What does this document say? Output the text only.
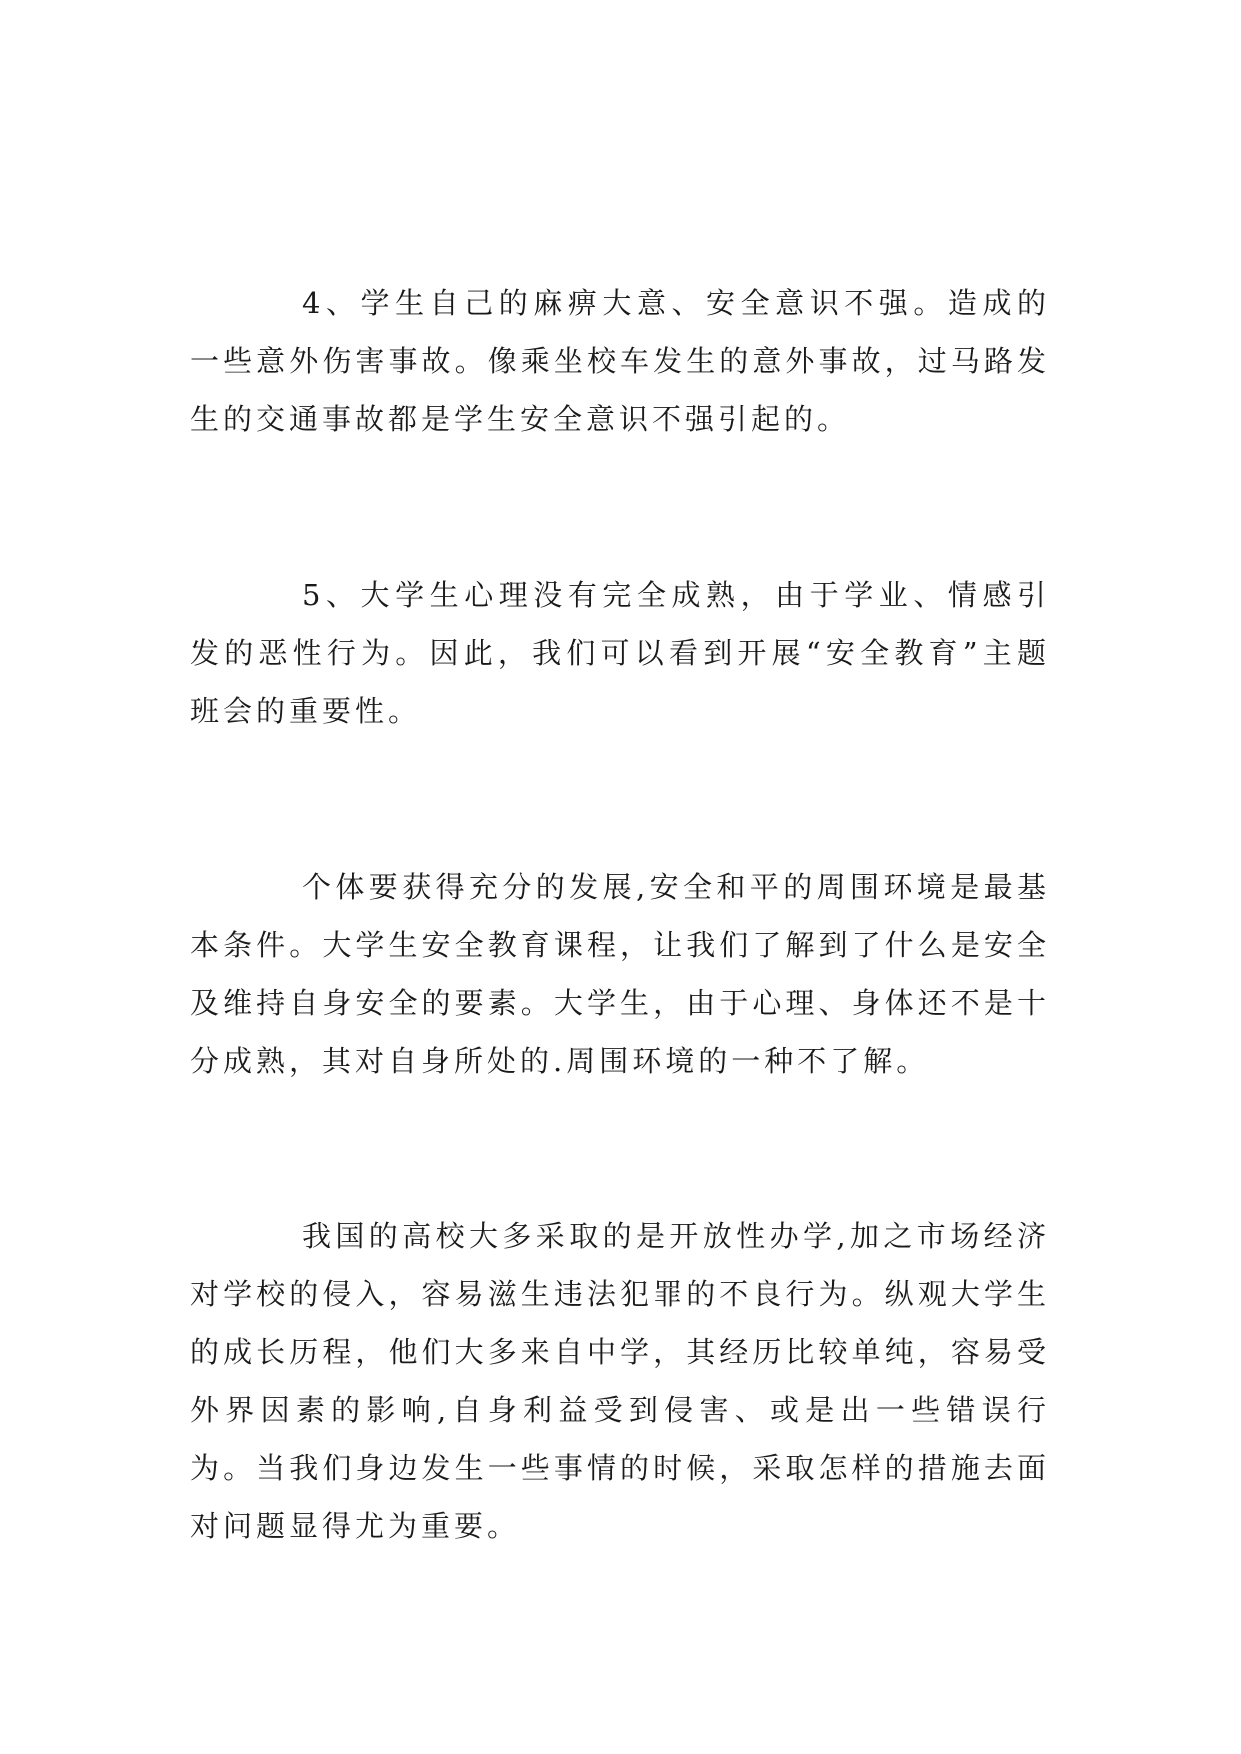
4、学生自己的麻痹大意、安全意识不强。造成的一些意外伤害事故。像乘坐校车发生的意外事故，过马路发生的交通事故都是学生安全意识不强引起的。

5、大学生心理没有完全成熟，由于学业、情感引发的恶性行为。因此，我们可以看到开展“安全教育”主题班会的重要性。

个体要获得充分的发展,安全和平的周围环境是最基本条件。大学生安全教育课程，让我们了解到了什么是安全及维持自身安全的要素。大学生，由于心理、身体还不是十分成熟，其对自身所处的.周围环境的一种不了解。

我国的高校大多采取的是开放性办学,加之市场经济对学校的侵入，容易滋生违法犯罪的不良行为。纵观大学生的成长历程，他们大多来自中学，其经历比较单纯，容易受外界因素的影响,自身利益受到侵害、或是出一些错误行为。当我们身边发生一些事情的时候，采取怎样的措施去面对问题显得尤为重要。
